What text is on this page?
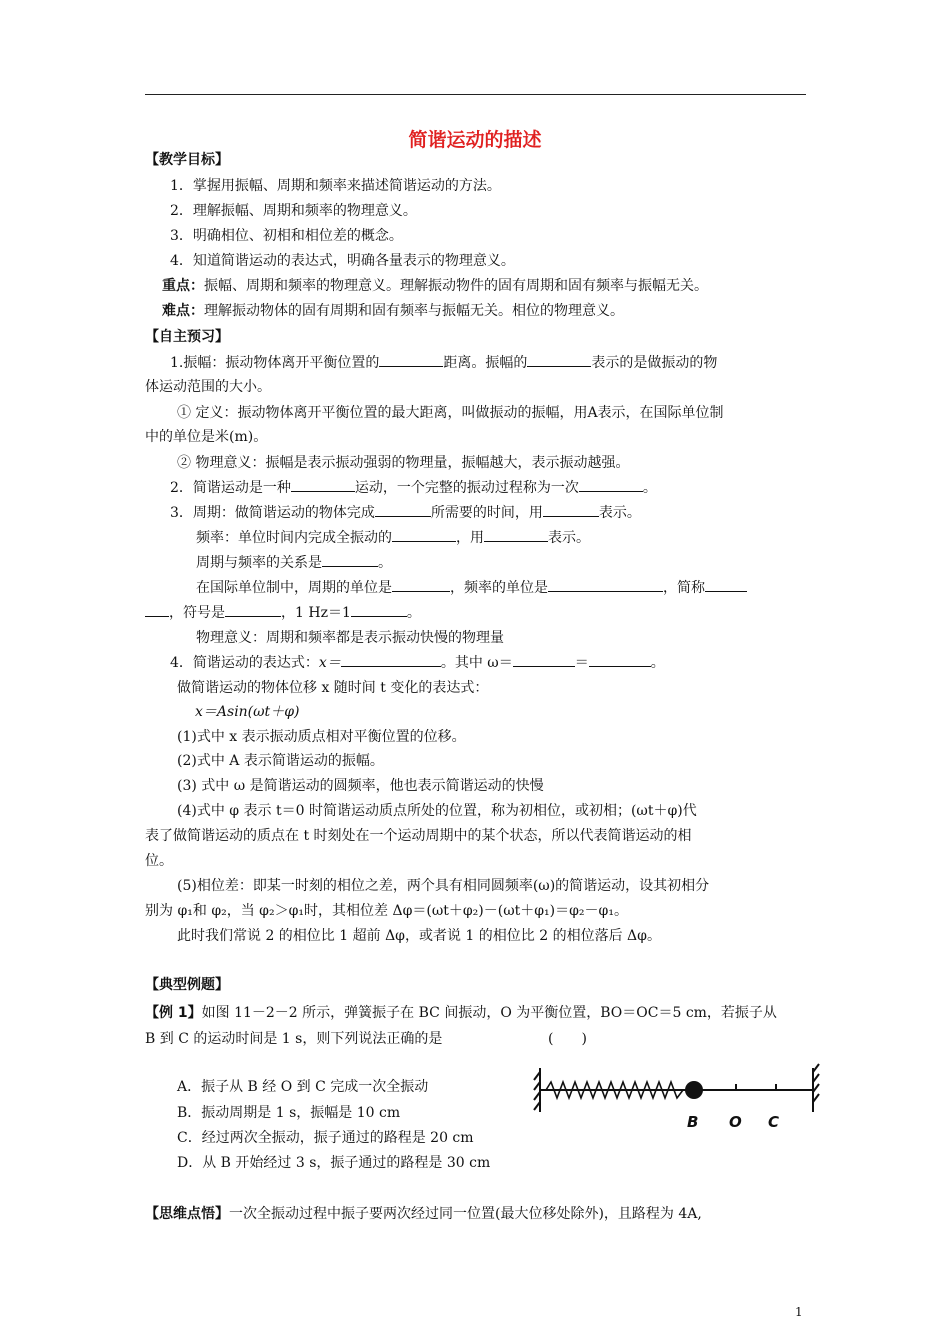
简谐运动的描述
【教学目标】
1．掌握用振幅、周期和频率来描述简谐运动的方法。
2．理解振幅、周期和频率的物理意义。
3．明确相位、初相和相位差的概念。
4．知道简谐运动的表达式，明确各量表示的物理意义。
重点：振幅、周期和频率的物理意义。理解振动物件的固有周期和固有频率与振幅无关。
难点：理解振动物体的固有周期和固有频率与振幅无关。相位的物理意义。
【自主预习】
1.振幅：振动物体离开平衡位置的	距离。振幅的	表示的是做振动的物
体运动范围的大小。
① 定义：振动物体离开平衡位置的最大距离，叫做振动的振幅，用A表示，在国际单位制
中的单位是米(m)。
② 物理意义：振幅是表示振动强弱的物理量，振幅越大，表示振动越强。
2．简谐运动是一种	运动，一个完整的振动过程称为一次	。
3．周期：做简谐运动的物体完成	所需要的时间，用	表示。
频率：单位时间内完成全振动的	，用	表示。
周期与频率的关系是	。
在国际单位制中，周期的单位是	，频率的单位是	，简称
，符号是	，1 Hz＝1	。
物理意义：周期和频率都是表示振动快慢的物理量
4．简谐运动的表达式：x＝	。其中 ω＝	＝	。
做简谐运动的物体位移 x 随时间 t 变化的表达式：
x＝Asin(ωt＋φ)
(1)式中 x 表示振动质点相对平衡位置的位移。
(2)式中 A 表示简谐运动的振幅。
(3) 式中 ω 是简谐运动的圆频率，他也表示简谐运动的快慢
(4)式中 φ 表示 t＝0 时简谐运动质点所处的位置，称为初相位，或初相；(ωt＋φ)代
表了做简谐运动的质点在 t 时刻处在一个运动周期中的某个状态，所以代表简谐运动的相
位。
(5)相位差：即某一时刻的相位之差，两个具有相同圆频率(ω)的简谐运动，设其初相分
别为 φ₁和 φ₂，当 φ₂＞φ₁时，其相位差 Δφ＝(ωt＋φ₂)－(ωt＋φ₁)＝φ₂－φ₁。
此时我们常说 2 的相位比 1 超前 Δφ，或者说 1 的相位比 2 的相位落后 Δφ。
【典型例题】
【例 1】如图 11－2－2 所示，弹簧振子在 BC 间振动，O 为平衡位置，BO＝OC＝5 cm，若振子从
B 到 C 的运动时间是 1 s，则下列说法正确的是	(　　)
A．振子从 B 经 O 到 C 完成一次全振动
B．振动周期是 1 s，振幅是 10 cm
C．经过两次全振动，振子通过的路程是 20 cm
D．从 B 开始经过 3 s，振子通过的路程是 30 cm
B O C
【思维点悟】一次全振动过程中振子要两次经过同一位置(最大位移处除外)，且路程为 4A,
1
